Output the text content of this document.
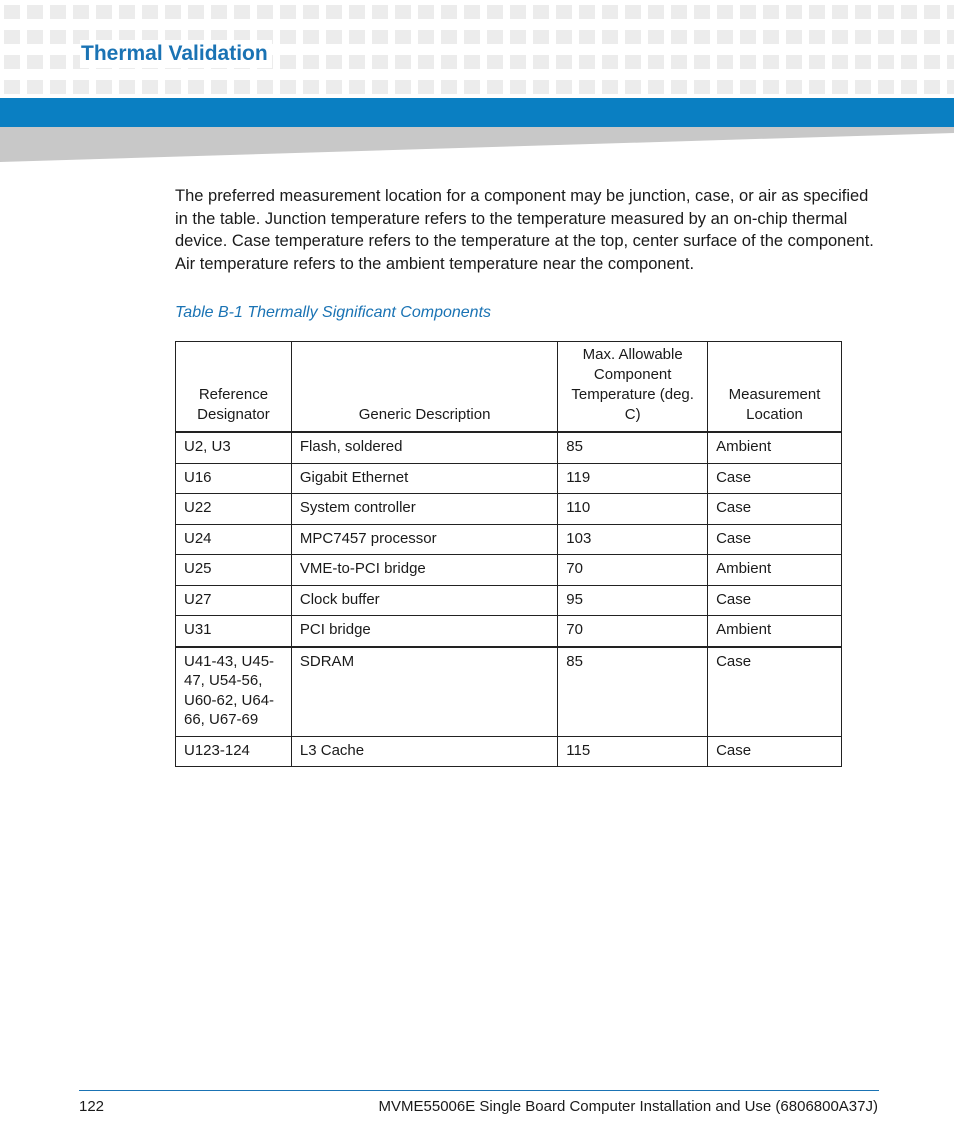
Thermal Validation
The preferred measurement location for a component may be junction, case, or air as specified in the table. Junction temperature refers to the temperature measured by an on-chip thermal device. Case temperature refers to the temperature at the top, center surface of the component. Air temperature refers to the ambient temperature near the component.
Table B-1 Thermally Significant Components
Reference Designator	Generic Description	Max. Allowable Component Temperature (deg. C)	Measurement Location
U2, U3	Flash, soldered	85	Ambient
U16	Gigabit Ethernet	119	Case
U22	System controller	110	Case
U24	MPC7457 processor	103	Case
U25	VME-to-PCI bridge	70	Ambient
U27	Clock buffer	95	Case
U31	PCI bridge	70	Ambient
U41-43, U45-47, U54-56, U60-62, U64-66, U67-69	SDRAM	85	Case
U123-124	L3 Cache	115	Case
122	MVME55006E Single Board Computer Installation and Use (6806800A37J)
